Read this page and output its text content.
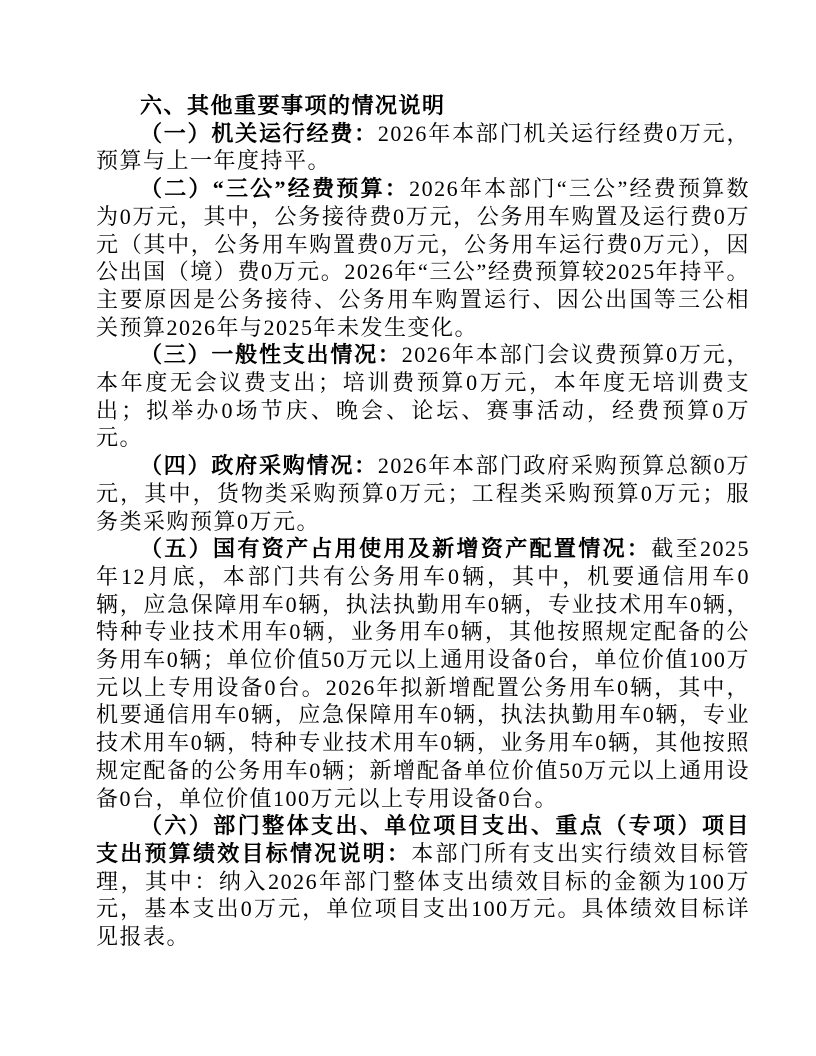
六、其他重要事项的情况说明

（一）机关运行经费：2026年本部门机关运行经费0万元，预算与上一年度持平。

（二）“三公”经费预算：2026年本部门“三公”经费预算数为0万元，其中，公务接待费0万元，公务用车购置及运行费0万元（其中，公务用车购置费0万元，公务用车运行费0万元），因公出国（境）费0万元。2026年“三公”经费预算较2025年持平。主要原因是公务接待、公务用车购置运行、因公出国等三公相关预算2026年与2025年未发生变化。

（三）一般性支出情况：2026年本部门会议费预算0万元，本年度无会议费支出；培训费预算0万元，本年度无培训费支出；拟举办0场节庆、晚会、论坛、赛事活动，经费预算0万元。

（四）政府采购情况：2026年本部门政府采购预算总额0万元，其中，货物类采购预算0万元；工程类采购预算0万元；服务类采购预算0万元。

（五）国有资产占用使用及新增资产配置情况：截至2025年12月底，本部门共有公务用车0辆，其中，机要通信用车0辆，应急保障用车0辆，执法执勤用车0辆，专业技术用车0辆，特种专业技术用车0辆，业务用车0辆，其他按照规定配备的公务用车0辆；单位价值50万元以上通用设备0台，单位价值100万元以上专用设备0台。2026年拟新增配置公务用车0辆，其中，机要通信用车0辆，应急保障用车0辆，执法执勤用车0辆，专业技术用车0辆，特种专业技术用车0辆，业务用车0辆，其他按照规定配备的公务用车0辆；新增配备单位价值50万元以上通用设备0台，单位价值100万元以上专用设备0台。

（六）部门整体支出、单位项目支出、重点（专项）项目支出预算绩效目标情况说明：本部门所有支出实行绩效目标管理，其中：纳入2026年部门整体支出绩效目标的金额为100万元，基本支出0万元，单位项目支出100万元。具体绩效目标详见报表。
